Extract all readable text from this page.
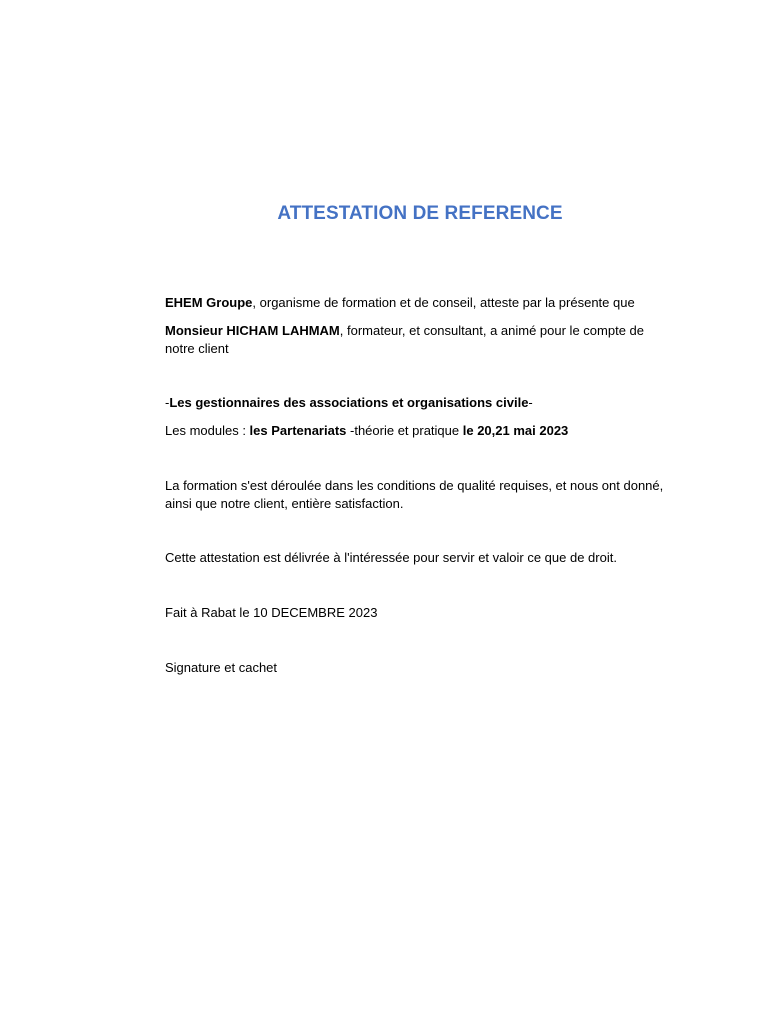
ATTESTATION DE REFERENCE
EHEM Groupe, organisme de formation et de conseil, atteste par la présente que
Monsieur HICHAM LAHMAM, formateur, et consultant, a animé pour le compte de notre client
-Les gestionnaires des associations et organisations civile-
Les modules : les Partenariats -théorie et pratique le 20,21 mai 2023
La formation s'est déroulée dans les conditions de qualité requises, et nous ont donné, ainsi que notre client, entière satisfaction.
Cette attestation est délivrée à l'intéressée pour servir et valoir ce que de droit.
Fait à Rabat le 10 DECEMBRE 2023
Signature et cachet
